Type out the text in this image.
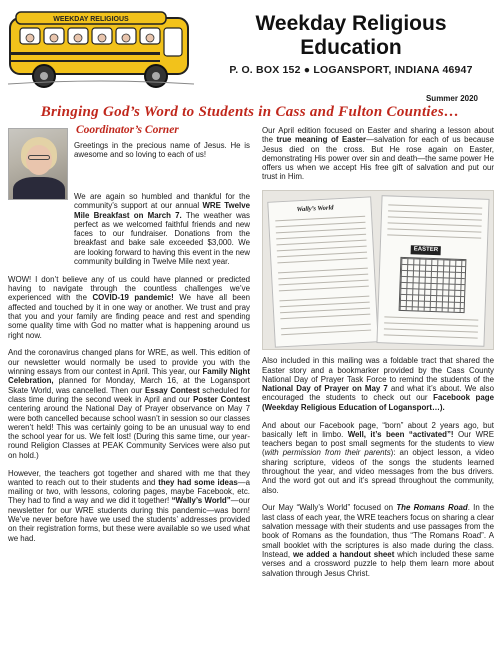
WEEKDAY RELIGIOUS	Weekday Religious
Education
P. O. BOX 152 ● LOGANSPORT, INDIANA 46947
Summer 2020
Bringing God’s Word to Students in Cass and Fulton Counties…
Coordinator’s Corner
Greetings in the precious name of Jesus. He is awesome and so loving to each of us!

We are again so humbled and thankful for the community’s support at our annual WRE Twelve Mile Breakfast on March 7. The weather was perfect as we welcomed faithful friends and new faces to our fundraiser. Donations from the breakfast and bake sale exceeded $3,000. We are looking forward to having this event in the new community building in Twelve Mile next year.

WOW! I don’t believe any of us could have planned or predicted having to navigate through the countless challenges we’ve experienced with the COVID-19 pandemic! We have all been affected and touched by it in one way or another. We trust and pray that you and your family are finding peace and rest and spending some quality time with God no matter what is happening around us right now.

And the coronavirus changed plans for WRE, as well. This edition of our newsletter would normally be used to provide you with the winning essays from our contest in April. This year, our Family Night Celebration, planned for Monday, March 16, at the Logansport Skate World, was cancelled. Then our Essay Contest scheduled for class time during the second week in April and our Poster Contest centering around the National Day of Prayer observance on May 7 were both cancelled because school wasn’t in session so our classes weren’t held! This was certainly going to be an unusual way to end the school year for us. We felt lost! (During this same time, our year-round Religion Classes at PEAK Community Services were also put on hold.)

However, the teachers got together and shared with me that they wanted to reach out to their students and they had some ideas—a mailing or two, with lessons, coloring pages, maybe Facebook, etc. They had to find a way and we did it together! “Wally’s World”—our newsletter for our WRE students during this pandemic—was born! We’ve never before have we used the students’ addresses provided on their registration forms, but these were available so we used what we had.

Our April edition focused on Easter and sharing a lesson about the true meaning of Easter—salvation for each of us because Jesus died on the cross. But He rose again on Easter, demonstrating His power over sin and death—the same power He offers us when we accept His free gift of salvation and put our trust in Him.

Wally’s World
EASTER

Also included in this mailing was a foldable tract that shared the Easter story and a bookmarker provided by the Cass County National Day of Prayer Task Force to remind the students of the National Day of Prayer on May 7 and what it’s about. We also encouraged the students to check out our Facebook page (Weekday Religious Education of Logansport…).

And about our Facebook page, “born” about 2 years ago, but basically left in limbo. Well, it’s been “activated”! Our WRE teachers began to post small segments for the students to view (with permission from their parents): an object lesson, a video sharing scripture, videos of the songs the students learned throughout the year, and video messages from the bus drivers. And the word got out and it’s spread throughout the community, also.

Our May “Wally’s World” focused on The Romans Road. In the last class of each year, the WRE teachers focus on sharing a clear salvation message with their students and use passages from the book of Romans as the foundation, thus “The Romans Road”. A small booklet with the scriptures is also made during the class. Instead, we added a handout sheet which included these same verses and a crossword puzzle to help them learn more about salvation through Jesus Christ.
